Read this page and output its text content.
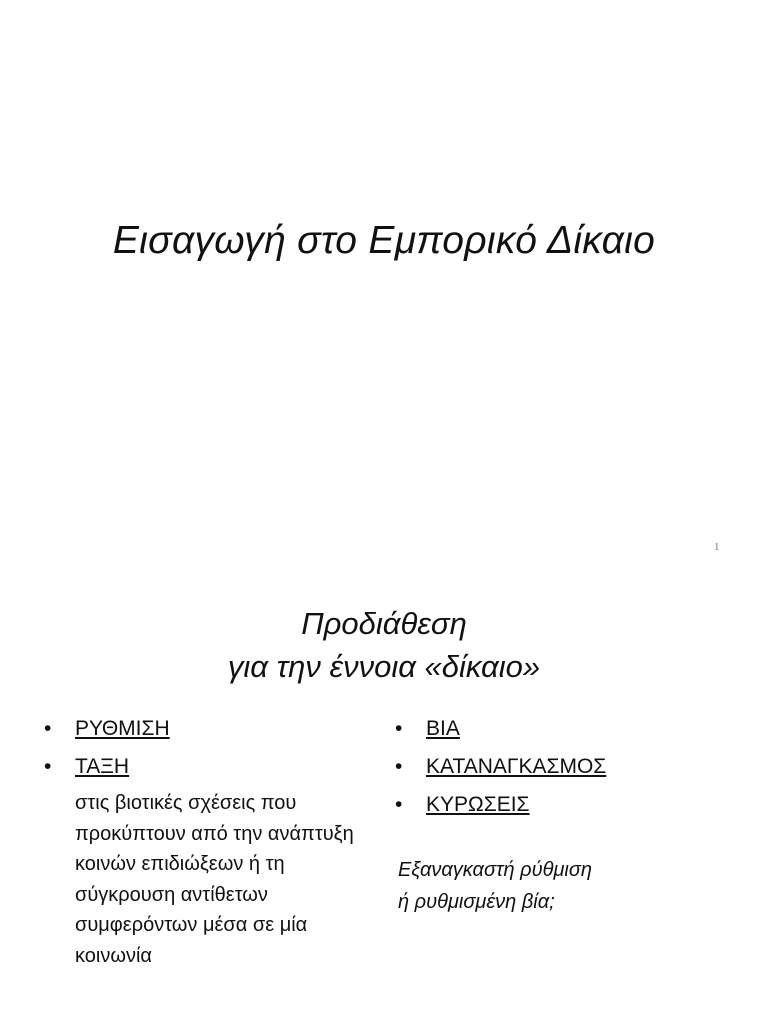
Εισαγωγή στο Εμπορικό Δίκαιο
1
Προδιάθεση
για την έννοια «δίκαιο»
• ΡΥΘΜΙΣΗ
• ΤΑΞΗ

στις βιοτικές σχέσεις που προκύπτουν από την ανάπτυξη κοινών επιδιώξεων ή τη σύγκρουση αντίθετων συμφερόντων μέσα σε μία κοινωνία

• ΒΙΑ
• ΚΑΤΑΝΑΓΚΑΣΜΟΣ
• ΚΥΡΩΣΕΙΣ

Εξαναγκαστή ρύθμιση
ή ρυθμισμένη βία;
